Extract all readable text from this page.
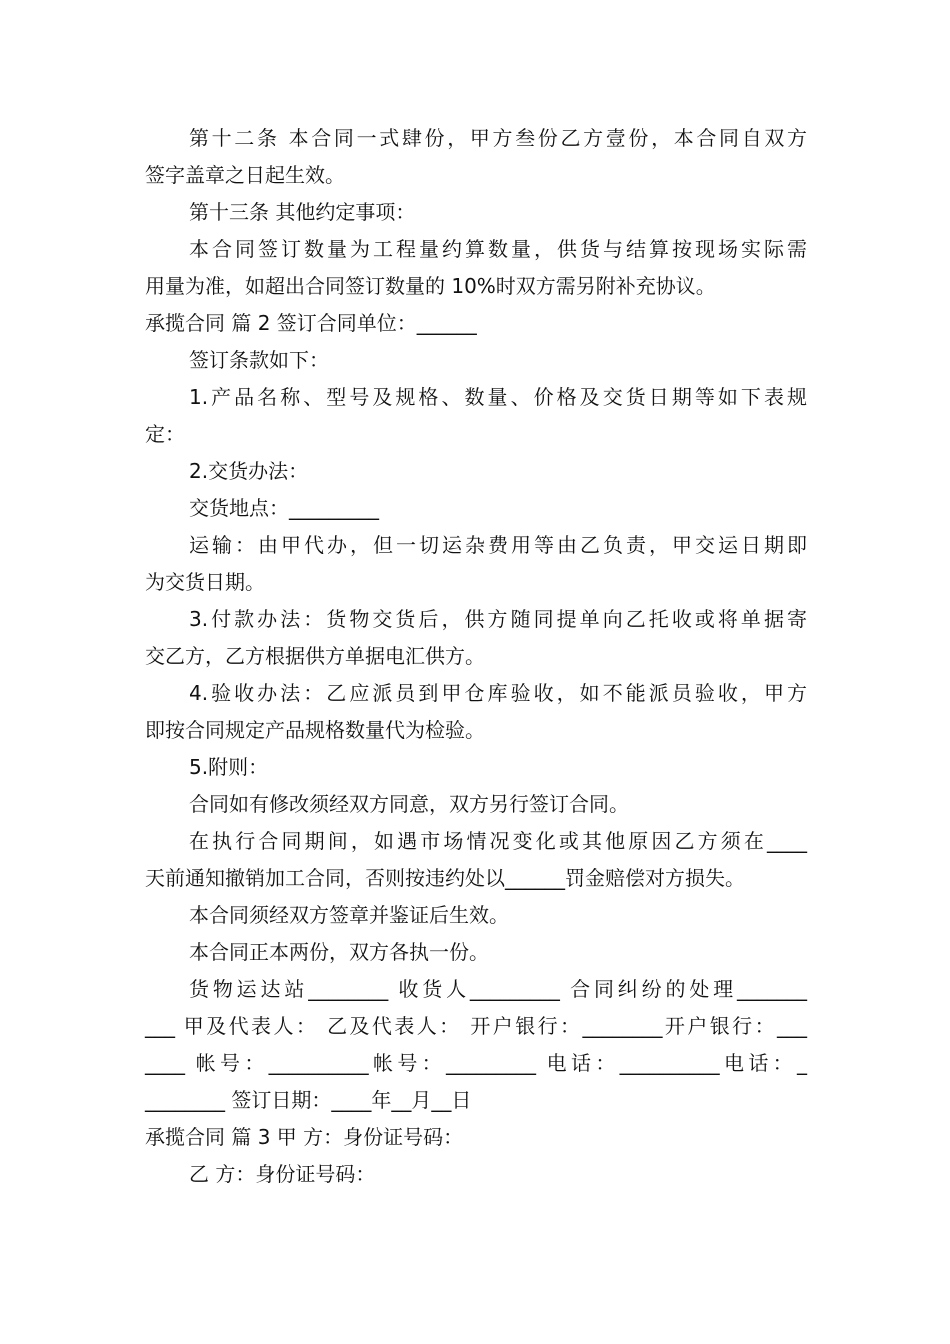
第十二条 本合同一式肆份，甲方叁份乙方壹份，本合同自双方
签字盖章之日起生效。
第十三条 其他约定事项：
本合同签订数量为工程量约算数量，供货与结算按现场实际需
用量为准，如超出合同签订数量的 10%时双方需另附补充协议。
承揽合同 篇 2 签订合同单位：______
签订条款如下：
1.产品名称、型号及规格、数量、价格及交货日期等如下表规
定：
2.交货办法：
交货地点：_________
运输：由甲代办，但一切运杂费用等由乙负责，甲交运日期即
为交货日期。
3.付款办法：货物交货后，供方随同提单向乙托收或将单据寄
交乙方，乙方根据供方单据电汇供方。
4.验收办法：乙应派员到甲仓库验收，如不能派员验收，甲方
即按合同规定产品规格数量代为检验。
5.附则：
合同如有修改须经双方同意，双方另行签订合同。
在执行合同期间，如遇市场情况变化或其他原因乙方须在____
天前通知撤销加工合同，否则按违约处以______罚金赔偿对方损失。
本合同须经双方签章并鉴证后生效。
本合同正本两份，双方各执一份。
货物运达站________ 收货人_________ 合同纠纷的处理_______
___ 甲及代表人： 乙及代表人： 开户银行：________开户银行：___
____ 帐号：__________帐号：_________ 电话：__________电话：_
________ 签订日期：____年__月__日
承揽合同 篇 3 甲 方：身份证号码：
乙 方：身份证号码：
